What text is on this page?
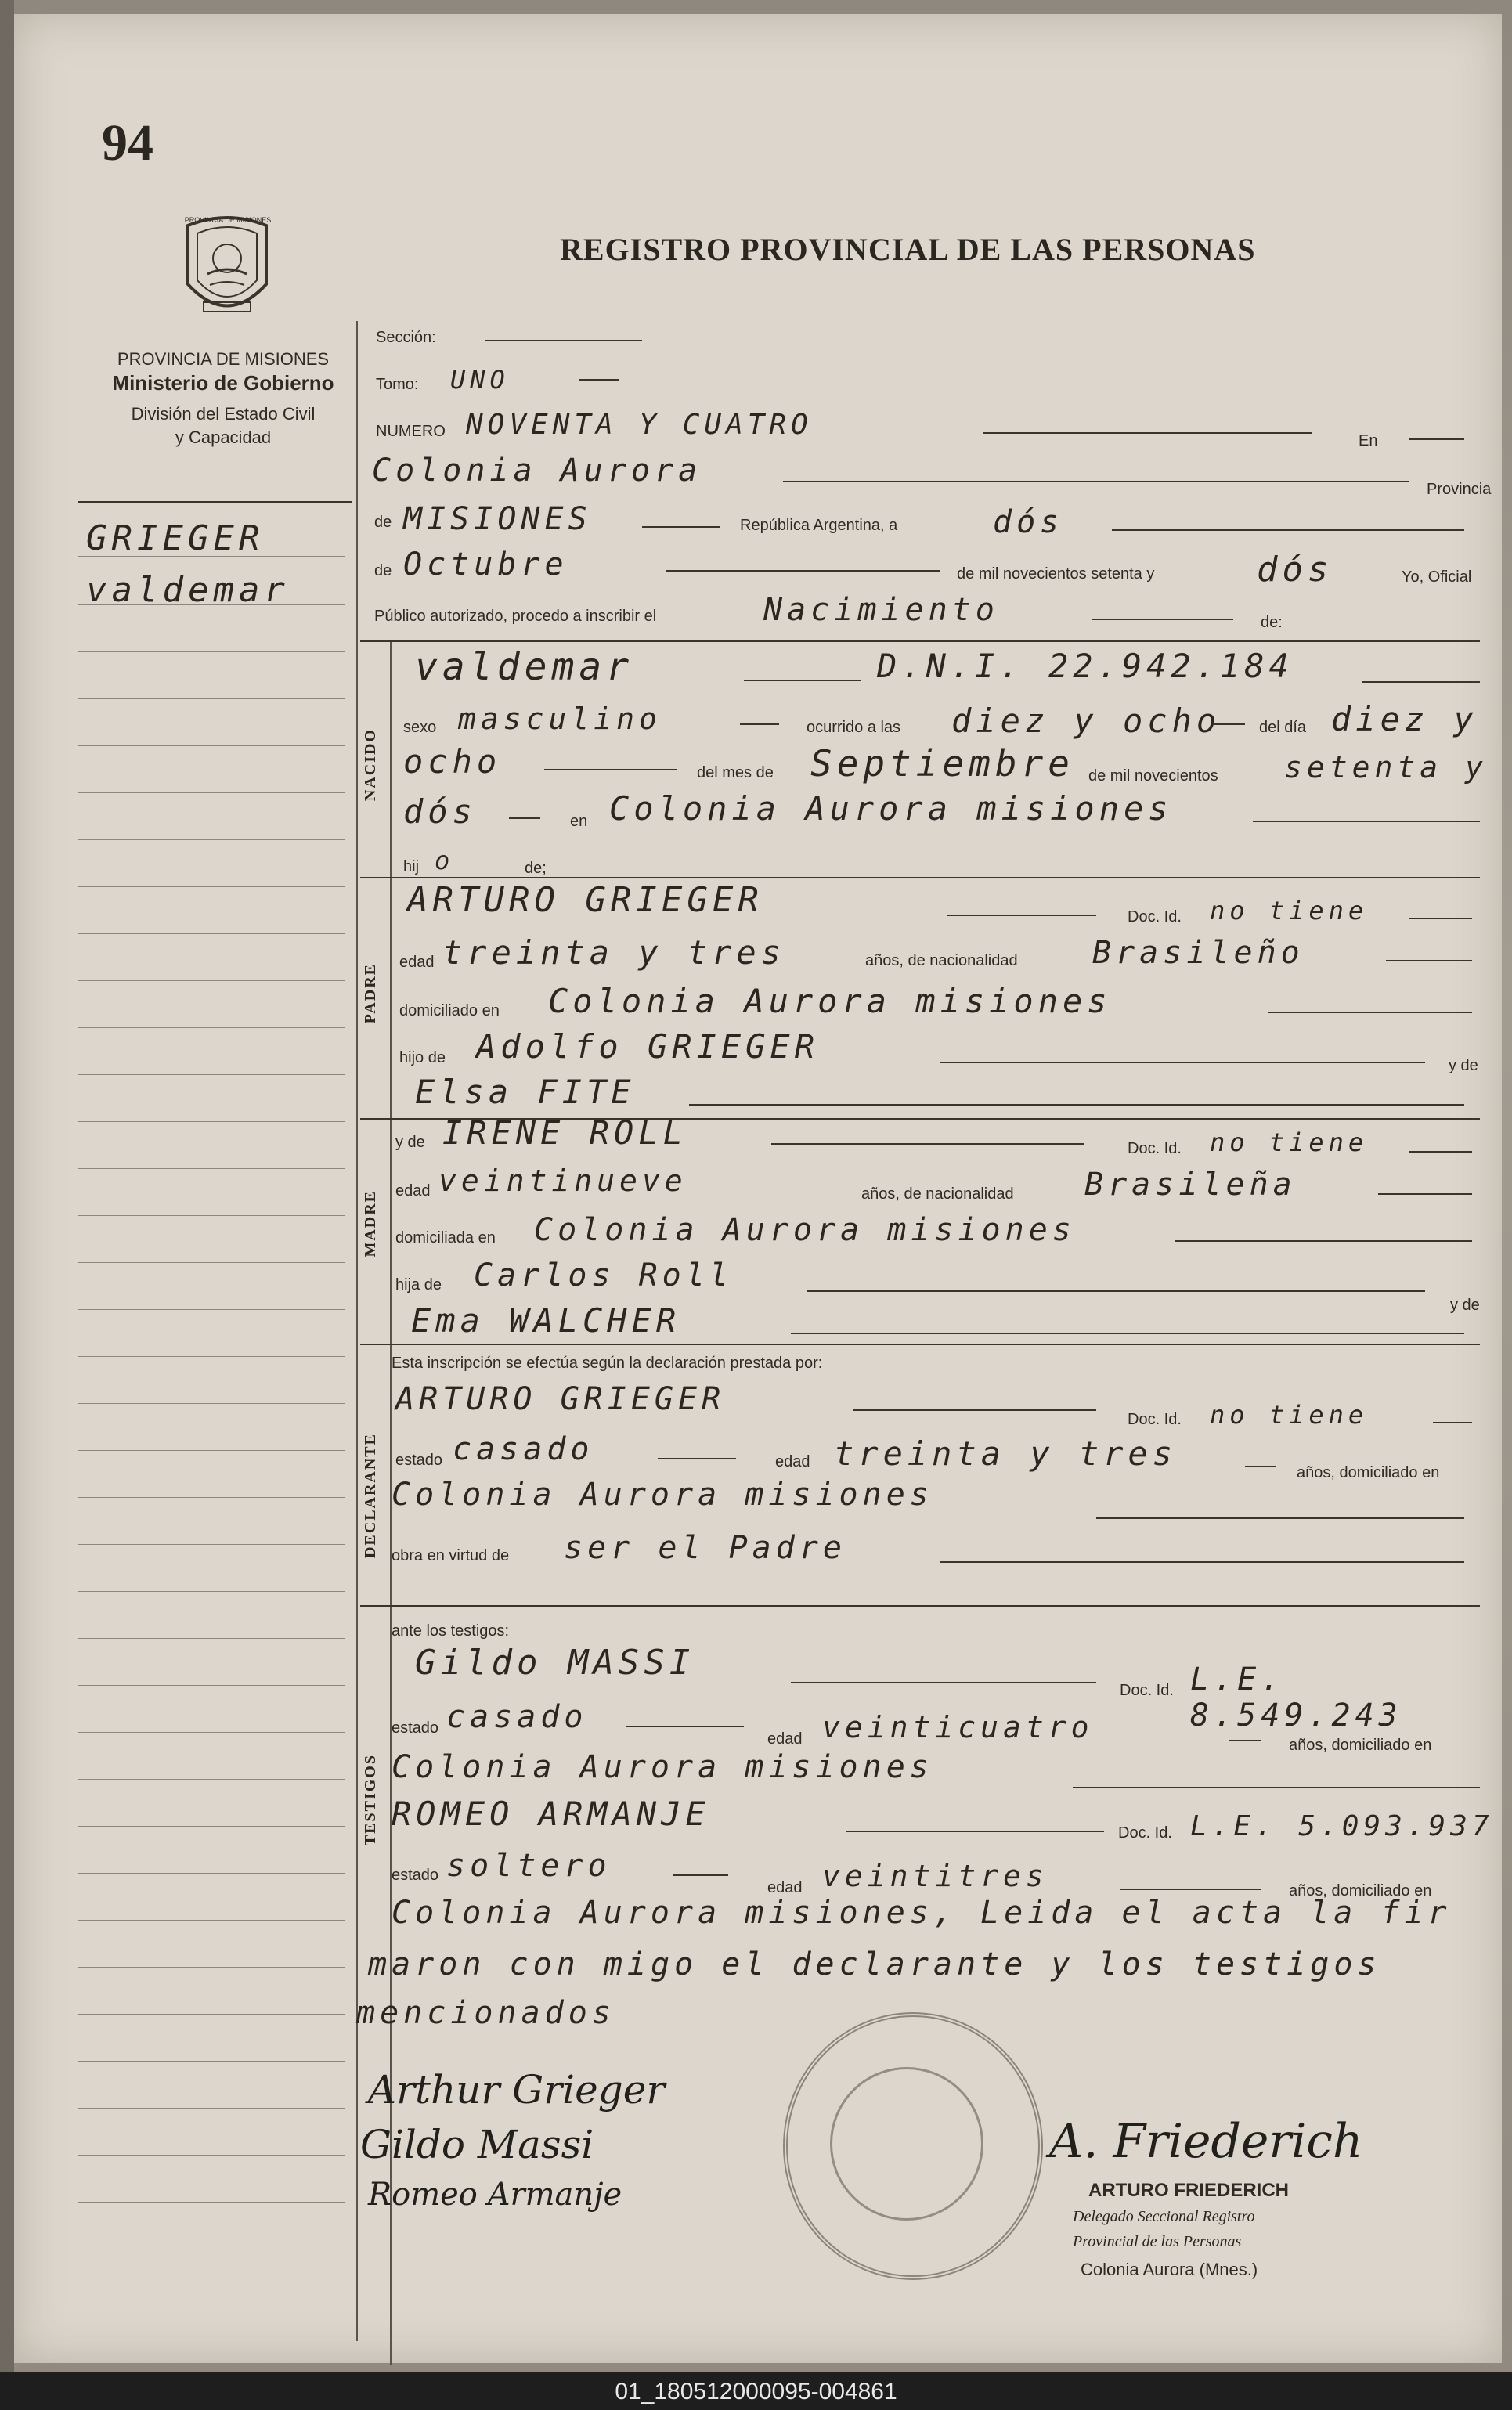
94
REGISTRO PROVINCIAL DE LAS PERSONAS
PROVINCIA DE MISIONES
PROVINCIA DE MISIONES
Ministerio de Gobierno
División del Estado Civil
y Capacidad
GRIEGER
valdemar
Sección:
Tomo: UNO
NUMERO NOVENTA Y CUATRO	En
Colonia Aurora
Provincia
de MISIONES	República Argentina, a	dós
de Octubre	de mil novecientos setenta y	dós	Yo, Oficial
Público autorizado, procedo a inscribir el	Nacimiento	de:
NACIDO
PADRE
MADRE
DECLARANTE
TESTIGOS
valdemar	D.N.I. 22.942.184
sexo masculino	ocurrido a las diez y ocho del día diez y
ocho	del mes de Septiembre de mil novecientos setenta y
dós	en Colonia Aurora misiones
hij o	de;
ARTURO GRIEGER	Doc. Id. no tiene
edad treinta y tres	años, de nacionalidad Brasileño
domiciliado en Colonia Aurora misiones
hijo de Adolfo GRIEGER	y de
Elsa FITE
y de IRENE ROLL	Doc. Id. no tiene
edad veintinueve	años, de nacionalidad Brasileña
domiciliada en Colonia Aurora misiones
hija de Carlos Roll
y de
Ema WALCHER
Esta inscripción se efectúa según la declaración prestada por:
ARTURO GRIEGER
Doc. Id. no tiene
estado casado	edad treinta y tres	años, domiciliado en
Colonia Aurora misiones
obra en virtud de ser el Padre
ante los testigos:
Gildo MASSI
Doc. Id. L.E. 8.549.243
estado casado
edad veinticuatro
años, domiciliado en
Colonia Aurora misiones
ROMEO ARMANJE	Doc. Id. L.E. 5.093.937
estado soltero
edad veintitres	años, domiciliado en
Colonia Aurora misiones, Leida el acta la fir
maron con migo el declarante y los testigos
mencionados
Arthur Grieger
Gildo Massi
Romeo Armanje
A. Friederich
ARTURO FRIEDERICH
Delegado Seccional Registro
Provincial de las Personas
Colonia Aurora (Mnes.)
01_180512000095-004861
